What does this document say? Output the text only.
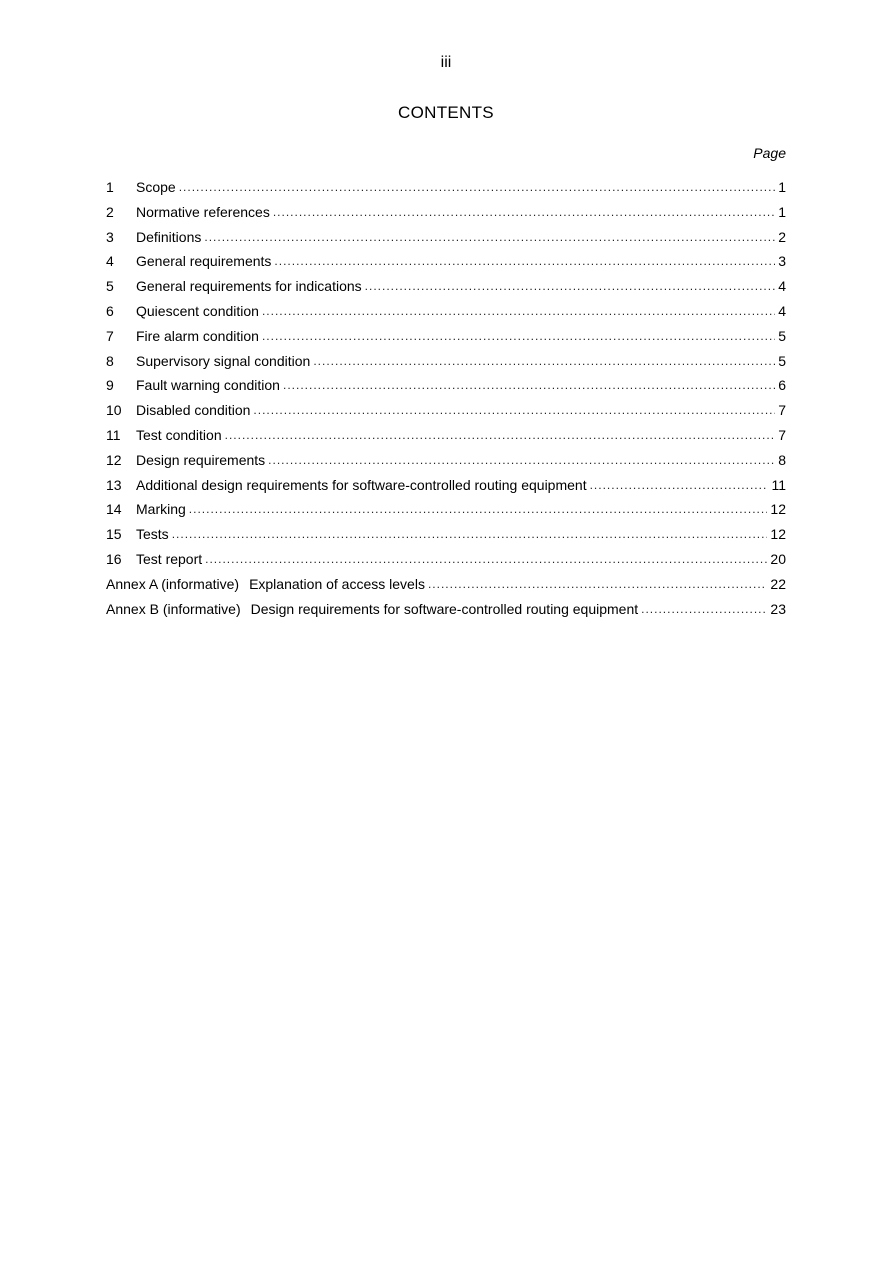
iii
CONTENTS
Page
1	Scope .....	1
2	Normative references .....	1
3	Definitions .....	2
4	General requirements .....	3
5	General requirements for indications .....	4
6	Quiescent condition .....	4
7	Fire alarm condition .....	5
8	Supervisory signal condition .....	5
9	Fault warning condition .....	6
10	Disabled condition .....	7
11	Test condition .....	7
12	Design requirements .....	8
13	Additional design requirements for software-controlled routing equipment .....	11
14	Marking .....	12
15	Tests .....	12
16	Test report .....	20
Annex A (informative) Explanation of access levels .....	22
Annex B (informative) Design requirements for software-controlled routing equipment .....	23
